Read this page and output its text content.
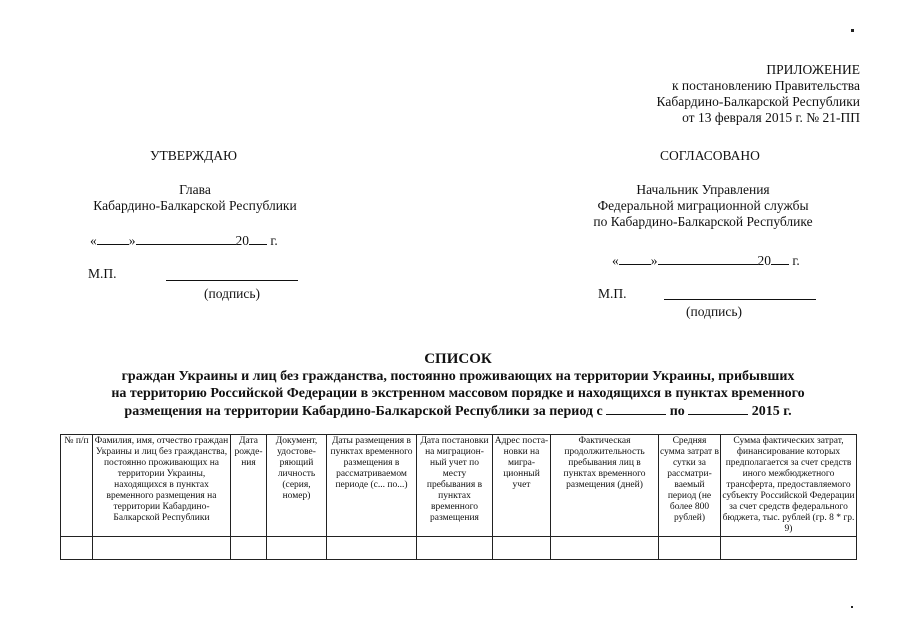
ПРИЛОЖЕНИЕ
к постановлению Правительства
Кабардино-Балкарской Республики
от 13 февраля 2015 г. № 21-ПП
УТВЕРЖДАЮ
Глава
Кабардино-Балкарской Республики
« »	20 г.
М.П.
(подпись)
СОГЛАСОВАНО
Начальник Управления
Федеральной миграционной службы
по Кабардино-Балкарской Республике
« »	20 г.
М.П.
(подпись)
СПИСОК
граждан Украины и лиц без гражданства, постоянно проживающих на территории Украины, прибывших
на территорию Российской Федерации в экстренном массовом порядке и находящихся в пунктах временного
размещения на территории Кабардино-Балкарской Республики за период с	по	2015 г.
№ п/п	Фамилия, имя, отчество граждан Украины и лиц без гражданства, постоянно проживающих на территории Украины, находящихся в пунктах временного размещения на территории Кабардино-Балкарской Республики	Дата рожде-ния	Документ, удостове-ряющий личность (серия, номер)	Даты размещения в пунктах временного размещения в рассматриваемом периоде (с... по...)	Дата постановки на миграцион-ный учет по месту пребывания в пунктах временного размещения	Адрес поста-новки на мигра-ционный учет	Фактическая продолжительность пребывания лиц в пунктах временного размещения (дней)	Средняя сумма затрат в сутки за рассматри-ваемый период (не более 800 рублей)	Сумма фактических затрат, финансирование которых предполагается за счет средств иного межбюджетного трансферта, предоставляемого субъекту Российской Федерации за счет средств федерального бюджета, тыс. рублей (гр. 8 * гр. 9)
